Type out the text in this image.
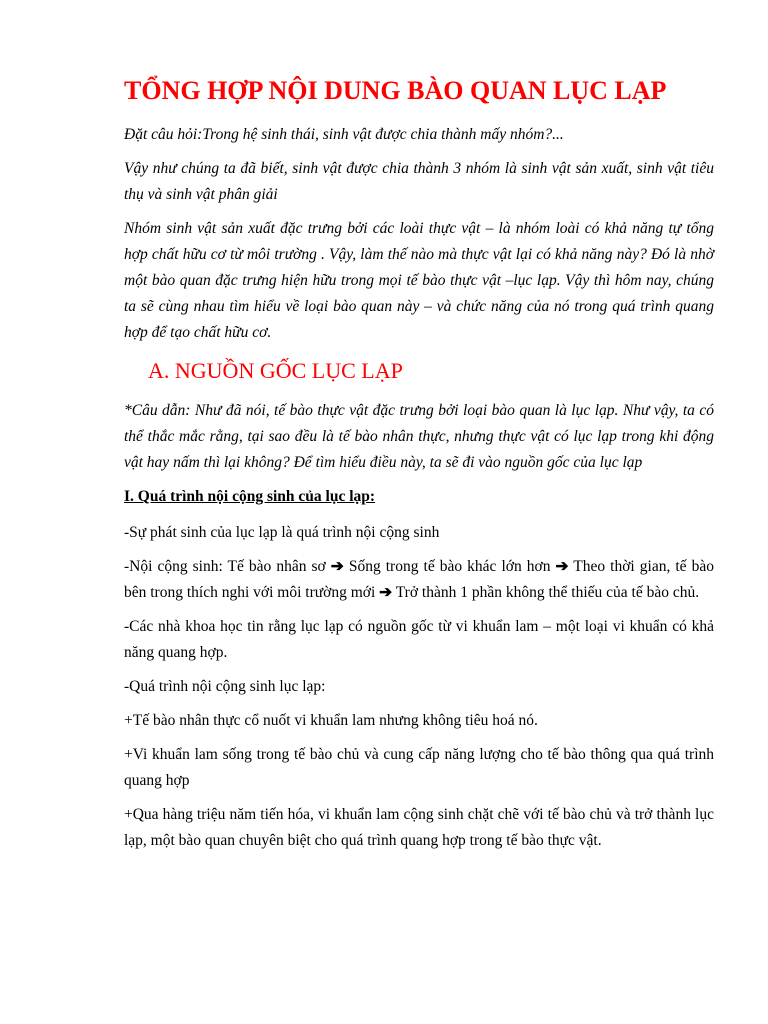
TỔNG HỢP NỘI DUNG BÀO QUAN LỤC LẠP

Đặt câu hỏi:Trong hệ sinh thái, sinh vật được chia thành mấy nhóm?...

Vậy như chúng ta đã biết, sinh vật được chia thành 3 nhóm là sinh vật sản xuất, sinh vật tiêu thụ và sinh vật phân giải

Nhóm sinh vật sản xuất đặc trưng bởi các loài thực vật – là nhóm loài có khả năng tự tổng hợp chất hữu cơ từ môi trường . Vậy, làm thế nào mà thực vật lại có khả năng này? Đó là nhờ một bào quan đặc trưng hiện hữu trong mọi tế bào thực vật –lục lạp. Vậy thì hôm nay, chúng ta sẽ cùng nhau tìm hiểu về loại bào quan này – và chức năng của nó trong quá trình quang hợp để tạo chất hữu cơ.

A. NGUỒN GỐC LỤC LẠP

*Câu dẫn: Như đã nói, tế bào thực vật đặc trưng bởi loại bào quan là lục lạp. Như vậy, ta có thể thắc mắc rằng, tại sao đều là tế bào nhân thực, nhưng thực vật có lục lạp trong khi động vật hay nấm thì lại không? Để tìm hiểu điều này, ta sẽ đi vào nguồn gốc của lục lạp

I. Quá trình nội cộng sinh của lục lạp:

-Sự phát sinh của lục lạp là quá trình nội cộng sinh

-Nội cộng sinh: Tế bào nhân sơ ➔ Sống trong tế bào khác lớn hơn ➔ Theo thời gian, tế bào bên trong thích nghi với môi trường mới ➔ Trở thành 1 phần không thể thiếu của tế bào chủ.

-Các nhà khoa học tin rằng lục lạp có nguồn gốc từ vi khuẩn lam – một loại vi khuẩn có khả năng quang hợp.

-Quá trình nội cộng sinh lục lạp:

+Tế bào nhân thực cổ nuốt vi khuẩn lam nhưng không tiêu hoá nó.

+Vi khuẩn lam sống trong tế bào chủ và cung cấp năng lượng cho tế bào thông qua quá trình quang hợp

+Qua hàng triệu năm tiến hóa, vi khuẩn lam cộng sinh chặt chẽ với tế bào chủ và trở thành lục lạp, một bào quan chuyên biệt cho quá trình quang hợp trong tế bào thực vật.
